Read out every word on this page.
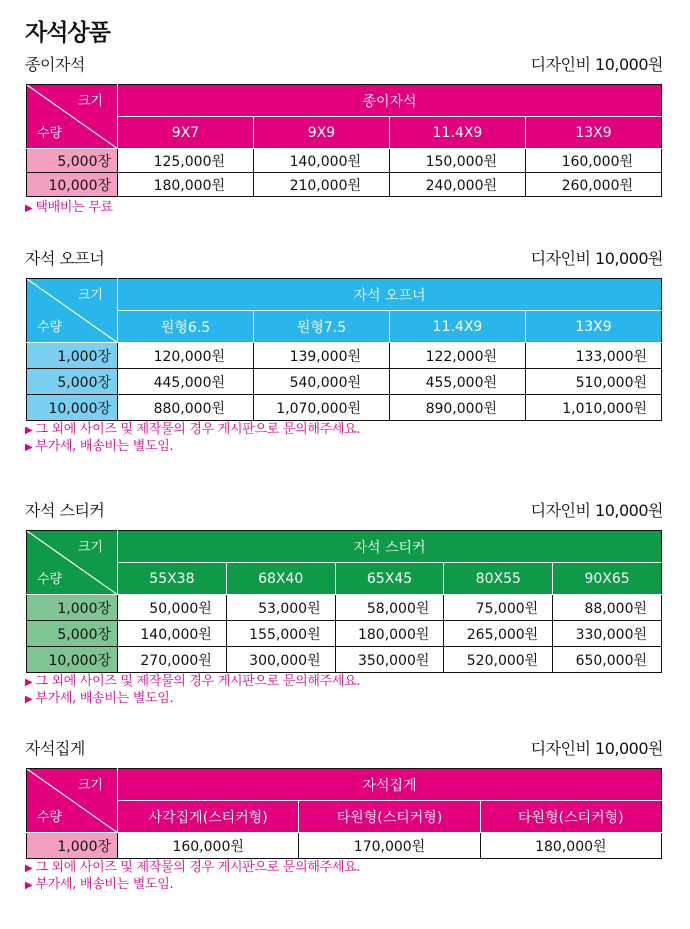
자석상품
종이자석	디자인비 10,000원
크기
수량	종이자석			
	9X7	9X9	11.4X9	13X9
5,000장	125,000원	140,000원	150,000원	160,000원
10,000장	180,000원	210,000원	240,000원	260,000원
▶ 택배비는 무료
자석 오프너	디자인비 10,000원
크기
수량	자석 오프너			
	원형6.5	원형7.5	11.4X9	13X9
1,000장	120,000원	139,000원	122,000원	133,000원
5,000장	445,000원	540,000원	455,000원	510,000원
10,000장	880,000원	1,070,000원	890,000원	1,010,000원
▶ 그 외에 사이즈 및 제작물의 경우 게시판으로 문의해주세요.
▶ 부가세, 배송비는 별도임.
자석 스티커	디자인비 10,000원
크기
수량	자석 스티커				
	55X38	68X40	65X45	80X55	90X65
1,000장	50,000원	53,000원	58,000원	75,000원	88,000원
5,000장	140,000원	155,000원	180,000원	265,000원	330,000원
10,000장	270,000원	300,000원	350,000원	520,000원	650,000원
▶ 그 외에 사이즈 및 제작물의 경우 게시판으로 문의해주세요.
▶ 부가세, 배송비는 별도임.
자석집게	디자인비 10,000원
크기
수량	자석집게		
	사각집게(스티커형)	타원형(스티커형)	타원형(스티커형)
1,000장	160,000원	170,000원	180,000원
▶ 그 외에 사이즈 및 제작물의 경우 게시판으로 문의해주세요.
▶ 부가세, 배송비는 별도임.
